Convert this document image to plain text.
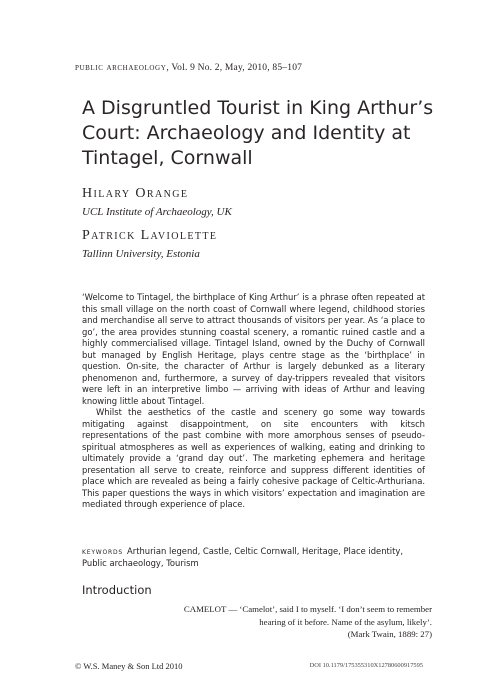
public archaeology, Vol. 9 No. 2, May, 2010, 85–107
A Disgruntled Tourist in King Arthur’s
Court: Archaeology and Identity at
Tintagel, Cornwall
Hilary Orange
UCL Institute of Archaeology, UK
Patrick Laviolette
Tallinn University, Estonia

‘Welcome to Tintagel, the birthplace of King Arthur’ is a phrase often repeated at this small village on the north coast of Cornwall where legend, childhood stories and merchandise all serve to attract thousands of visitors per year. As ‘a place to go’, the area provides stunning coastal scenery, a romantic ruined castle and a highly commercialised village. Tintagel Island, owned by the Duchy of Cornwall but managed by English Heritage, plays centre stage as the ‘birthplace’ in question. On-site, the character of Arthur is largely debunked as a literary phenomenon and, furthermore, a survey of day-trippers revealed that visitors were left in an interpretive limbo — arriving with ideas of Arthur and leaving knowing little about Tintagel.

Whilst the aesthetics of the castle and scenery go some way towards mitigating against disappointment, on site encounters with kitsch representations of the past combine with more amorphous senses of pseudo-spiritual atmospheres as well as experiences of walking, eating and drinking to ultimately provide a ‘grand day out’. The marketing ephemera and heritage presentation all serve to create, reinforce and suppress different identities of place which are revealed as being a fairly cohesive package of Celtic-Arthuriana. This paper questions the ways in which visitors’ expectation and imagination are mediated through experience of place.

keywords Arthurian legend, Castle, Celtic Cornwall, Heritage, Place identity, Public archaeology, Tourism
Introduction
CAMELOT — ‘Camelot’, said I to myself. ‘I don’t seem to remember
hearing of it before. Name of the asylum, likely’.
(Mark Twain, 1889: 27)
© W.S. Maney & Son Ltd 2010	DOI 10.1179/175355310X12780600917595
